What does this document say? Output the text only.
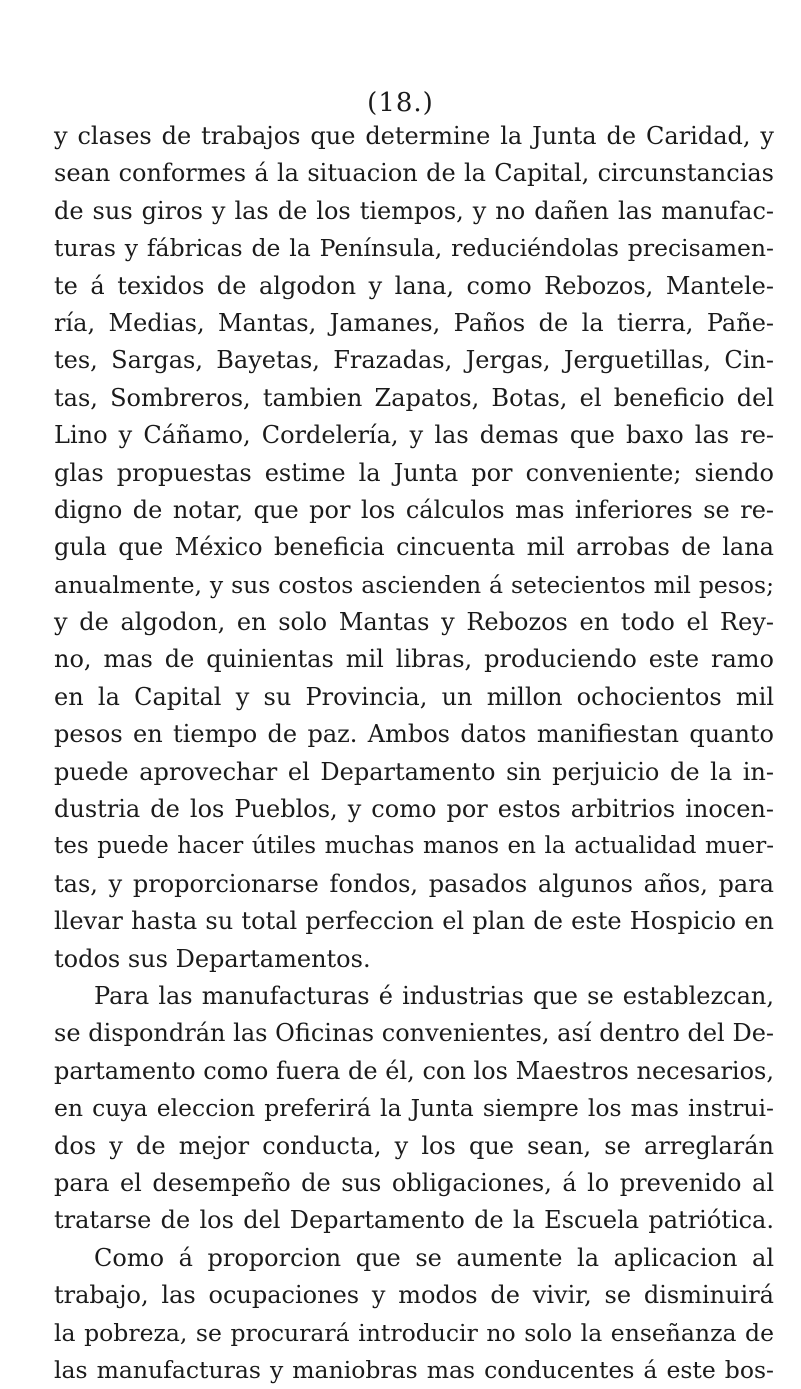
(18.)
y clases de trabajos que determine la Junta de Caridad, y
sean conformes á la situacion de la Capital, circunstancias
de sus giros y las de los tiempos, y no dañen las manufac-
turas y fábricas de la Península, reduciéndolas precisamen-
te á texidos de algodon y lana, como Rebozos, Mantele-
ría, Medias, Mantas, Jamanes, Paños de la tierra, Pañe-
tes, Sargas, Bayetas, Frazadas, Jergas, Jerguetillas, Cin-
tas, Sombreros, tambien Zapatos, Botas, el beneficio del
Lino y Cáñamo, Cordelería, y las demas que baxo las re-
glas propuestas estime la Junta por conveniente; siendo
digno de notar, que por los cálculos mas inferiores se re-
gula que México beneficia cincuenta mil arrobas de lana
anualmente, y sus costos ascienden á setecientos mil pesos;
y de algodon, en solo Mantas y Rebozos en todo el Rey-
no, mas de quinientas mil libras, produciendo este ramo
en la Capital y su Provincia, un millon ochocientos mil
pesos en tiempo de paz. Ambos datos manifiestan quanto
puede aprovechar el Departamento sin perjuicio de la in-
dustria de los Pueblos, y como por estos arbitrios inocen-
tes puede hacer útiles muchas manos en la actualidad muer-
tas, y proporcionarse fondos, pasados algunos años, para
llevar hasta su total perfeccion el plan de este Hospicio en
todos sus Departamentos.
Para las manufacturas é industrias que se establezcan,
se dispondrán las Oficinas convenientes, así dentro del De-
partamento como fuera de él, con los Maestros necesarios,
en cuya eleccion preferirá la Junta siempre los mas instrui-
dos y de mejor conducta, y los que sean, se arreglarán
para el desempeño de sus obligaciones, á lo prevenido al
tratarse de los del Departamento de la Escuela patriótica.
Como á proporcion que se aumente la aplicacion al
trabajo, las ocupaciones y modos de vivir, se disminuirá
la pobreza, se procurará introducir no solo la enseñanza de
las manufacturas y maniobras mas conducentes á este bos-
